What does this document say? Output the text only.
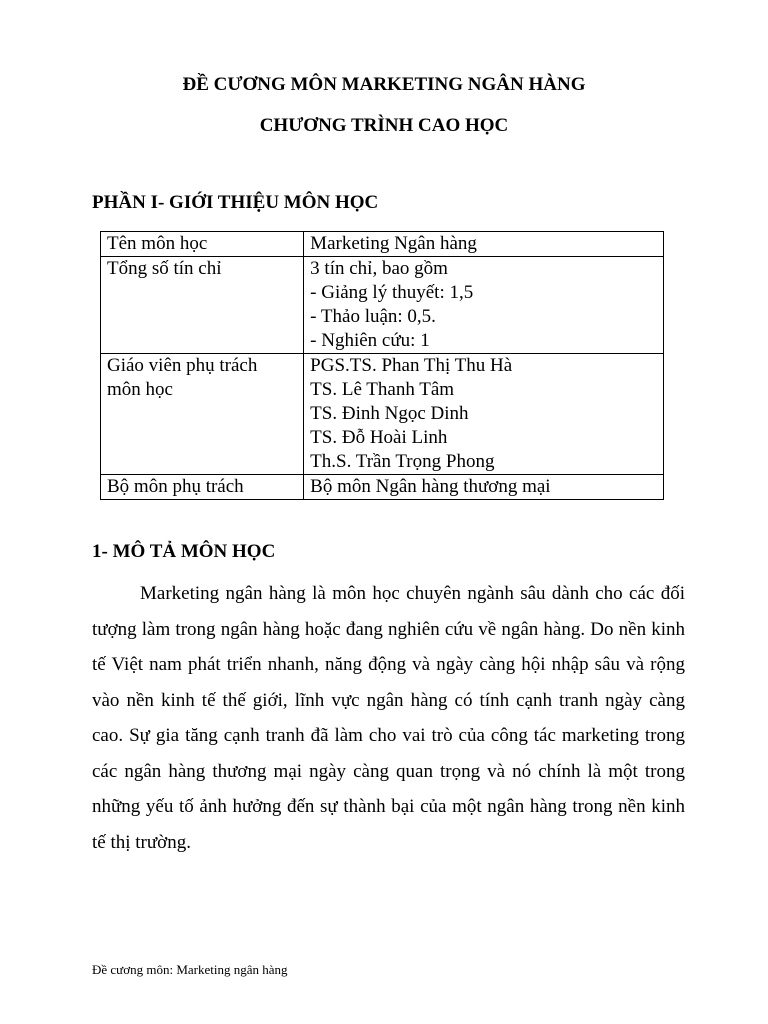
ĐỀ CƯƠNG MÔN MARKETING NGÂN HÀNG

CHƯƠNG TRÌNH CAO HỌC

PHẦN I- GIỚI THIỆU MÔN HỌC

Tên môn học	Marketing Ngân hàng

Tổng số tín chỉ	3 tín chỉ, bao gồm
- Giảng lý thuyết: 1,5
- Thảo luận: 0,5.
- Nghiên cứu: 1

Giáo viên phụ trách
môn học	PGS.TS. Phan Thị Thu Hà
TS. Lê Thanh Tâm
TS. Đinh Ngọc Dinh
TS. Đỗ Hoài Linh
Th.S. Trần Trọng Phong

Bộ môn phụ trách	Bộ môn Ngân hàng thương mại

1- MÔ TẢ MÔN HỌC

Marketing ngân hàng là môn học chuyên ngành sâu dành cho các đối tượng làm trong ngân hàng hoặc đang nghiên cứu về ngân hàng. Do nền kinh tế Việt nam phát triển nhanh, năng động và ngày càng hội nhập sâu và rộng vào nền kinh tế thế giới, lĩnh vực ngân hàng có tính cạnh tranh ngày càng cao. Sự gia tăng cạnh tranh đã làm cho vai trò của công tác marketing trong các ngân hàng thương mại ngày càng quan trọng và nó chính là một trong những yếu tố ảnh hưởng đến sự thành bại của một ngân hàng trong nền kinh tế thị trường.

Đề cương môn: Marketing ngân hàng
